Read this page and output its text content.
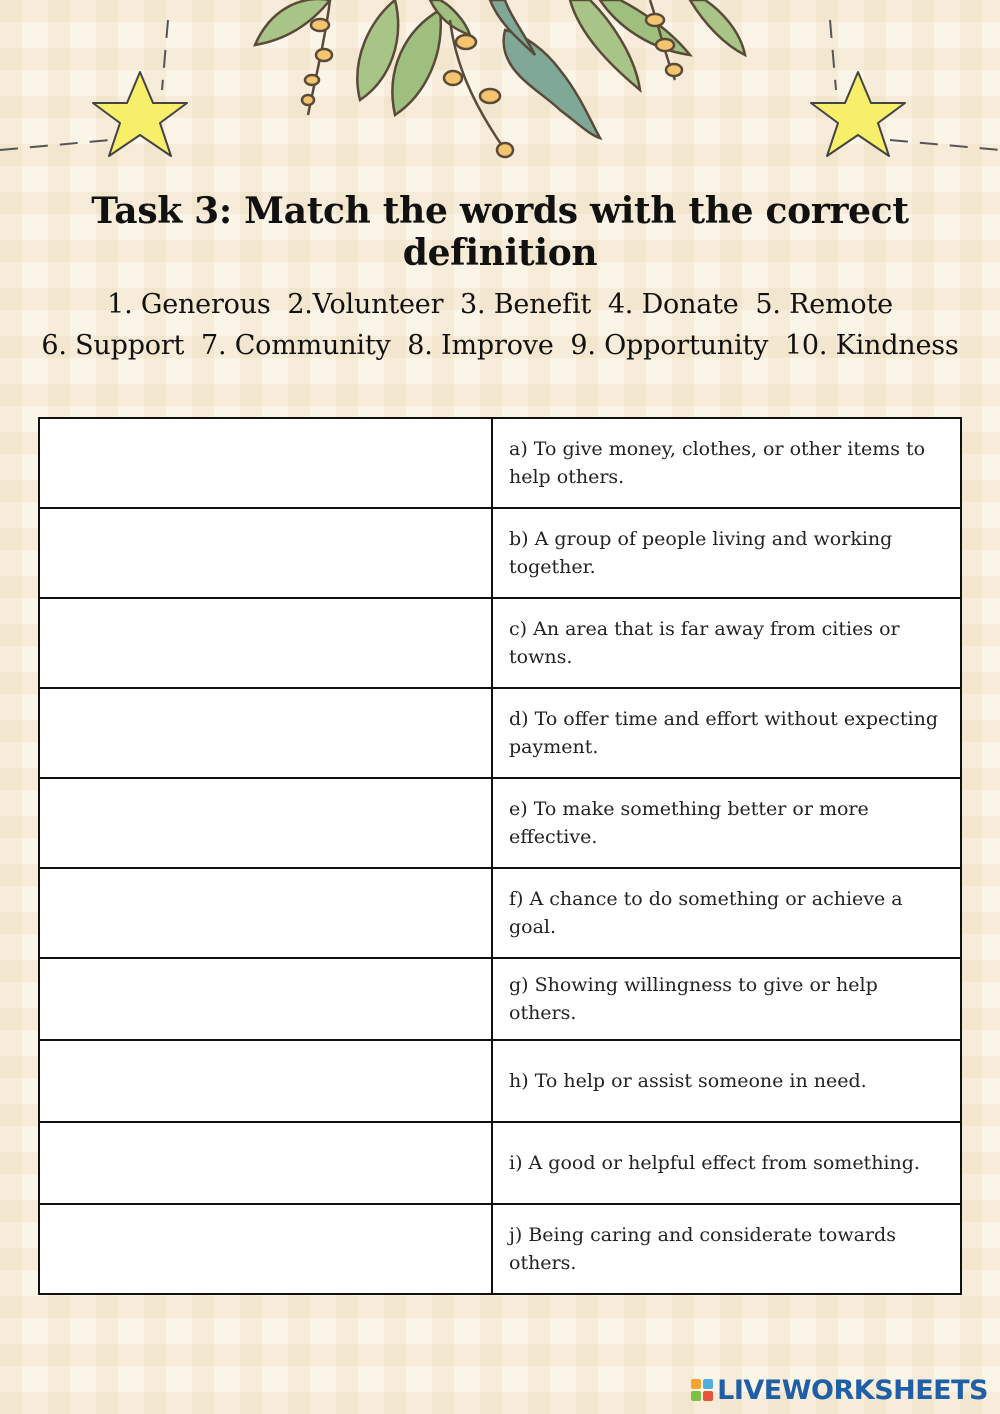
Task 3: Match the words with the correct definition
1. Generous  2.Volunteer  3. Benefit  4. Donate  5. Remote
6. Support  7. Community  8. Improve  9. Opportunity  10. Kindness
	a) To give money, clothes, or other items to help others.
	b) A group of people living and working together.
	c) An area that is far away from cities or towns.
	d) To offer time and effort without expecting payment.
	e) To make something better or more effective.
	f) A chance to do something or achieve a goal.
	g) Showing willingness to give or help others.
	h) To help or assist someone in need.
	i) A good or helpful effect from something.
	j) Being caring and considerate towards others.
LIVEWORKSHEETS
